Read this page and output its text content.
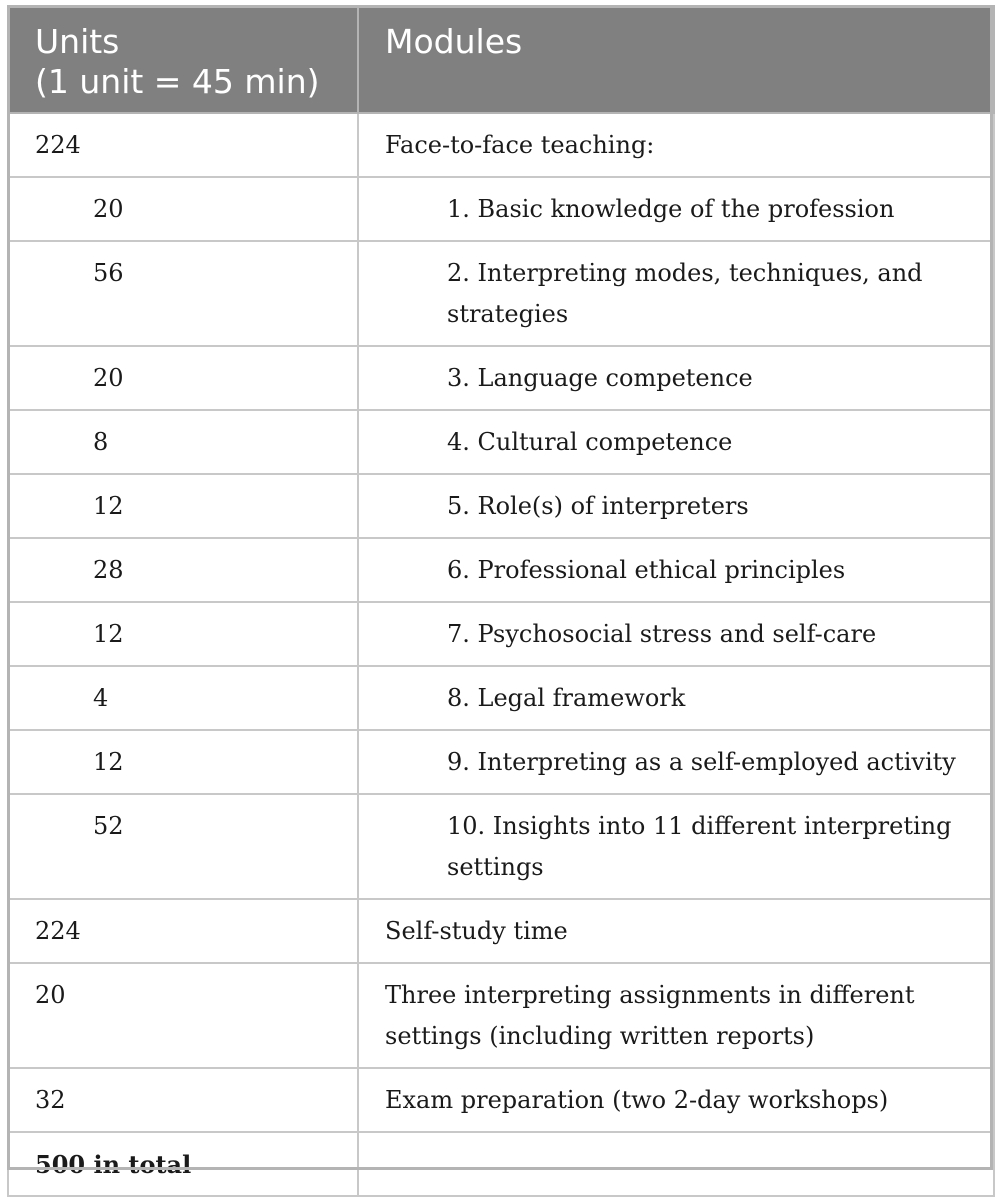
Units
(1 unit = 45 min)	Modules
224	Face-to-face teaching:
20	1. Basic knowledge of the profession
56	2. Interpreting modes, techniques, and strategies
20	3. Language competence
8	4. Cultural competence
12	5. Role(s) of interpreters
28	6. Professional ethical principles
12	7. Psychosocial stress and self-care
4	8. Legal framework
12	9. Interpreting as a self-employed activity
52	10. Insights into 11 different interpreting settings
224	Self-study time
20	Three interpreting assignments in different settings (including written reports)
32	Exam preparation (two 2-day workshops)
500 in total	
